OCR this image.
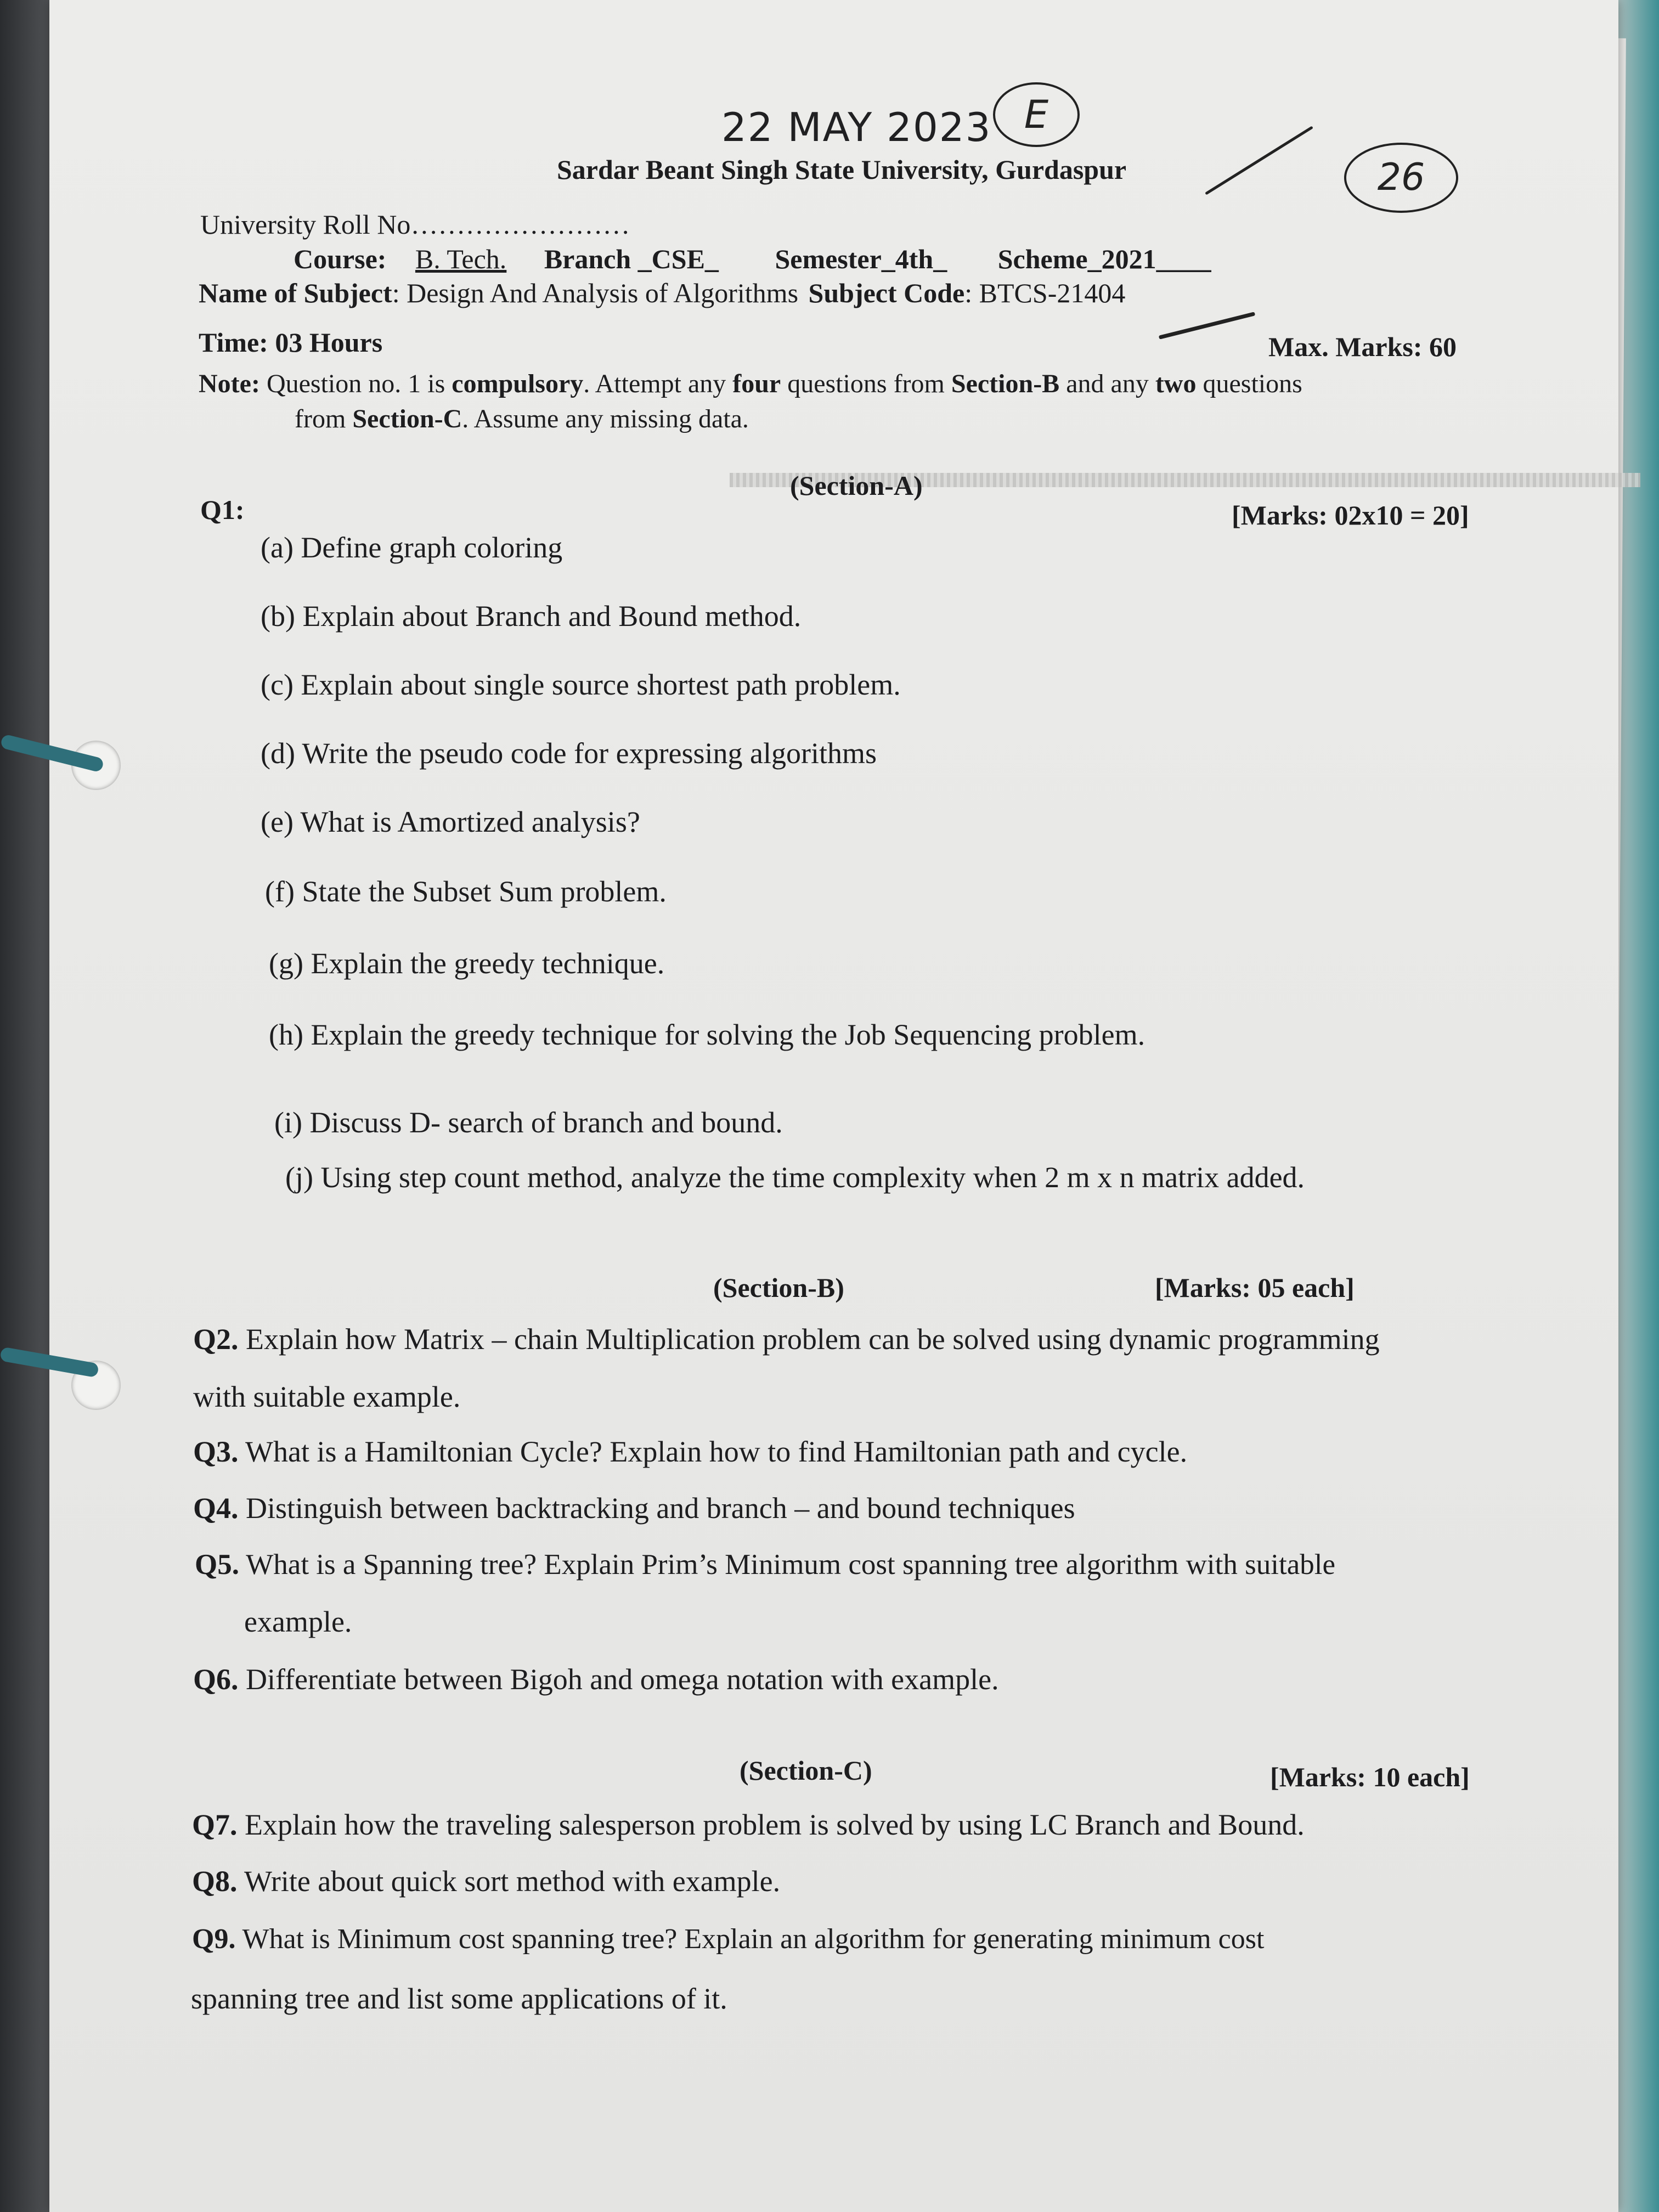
22 MAY 2023 E
26
Sardar Beant Singh State University, Gurdaspur
University Roll No……………………
Course: B. Tech. Branch _CSE_ Semester_4th_ Scheme_2021____
Name of Subject: Design And Analysis of Algorithms Subject Code: BTCS-21404
Time: 03 Hours	Max. Marks: 60
Note: Question no. 1 is compulsory. Attempt any four questions from Section-B and any two questions
from Section-C. Assume any missing data.
(Section-A)
Q1:	[Marks: 02x10 = 20]
(a) Define graph coloring
(b) Explain about Branch and Bound method.
(c) Explain about single source shortest path problem.
(d) Write the pseudo code for expressing algorithms
(e) What is Amortized analysis?
(f) State the Subset Sum problem.
(g) Explain the greedy technique.
(h) Explain the greedy technique for solving the Job Sequencing problem.
(i) Discuss D- search of branch and bound.
(j) Using step count method, analyze the time complexity when 2 m x n matrix added.
(Section-B)	[Marks: 05 each]
Q2. Explain how Matrix – chain Multiplication problem can be solved using dynamic programming
with suitable example.
Q3. What is a Hamiltonian Cycle? Explain how to find Hamiltonian path and cycle.
Q4. Distinguish between backtracking and branch – and bound techniques
Q5. What is a Spanning tree? Explain Prim’s Minimum cost spanning tree algorithm with suitable
example.
Q6. Differentiate between Bigoh and omega notation with example.
(Section-C)	[Marks: 10 each]
Q7. Explain how the traveling salesperson problem is solved by using LC Branch and Bound.
Q8. Write about quick sort method with example.
Q9. What is Minimum cost spanning tree? Explain an algorithm for generating minimum cost
spanning tree and list some applications of it.
